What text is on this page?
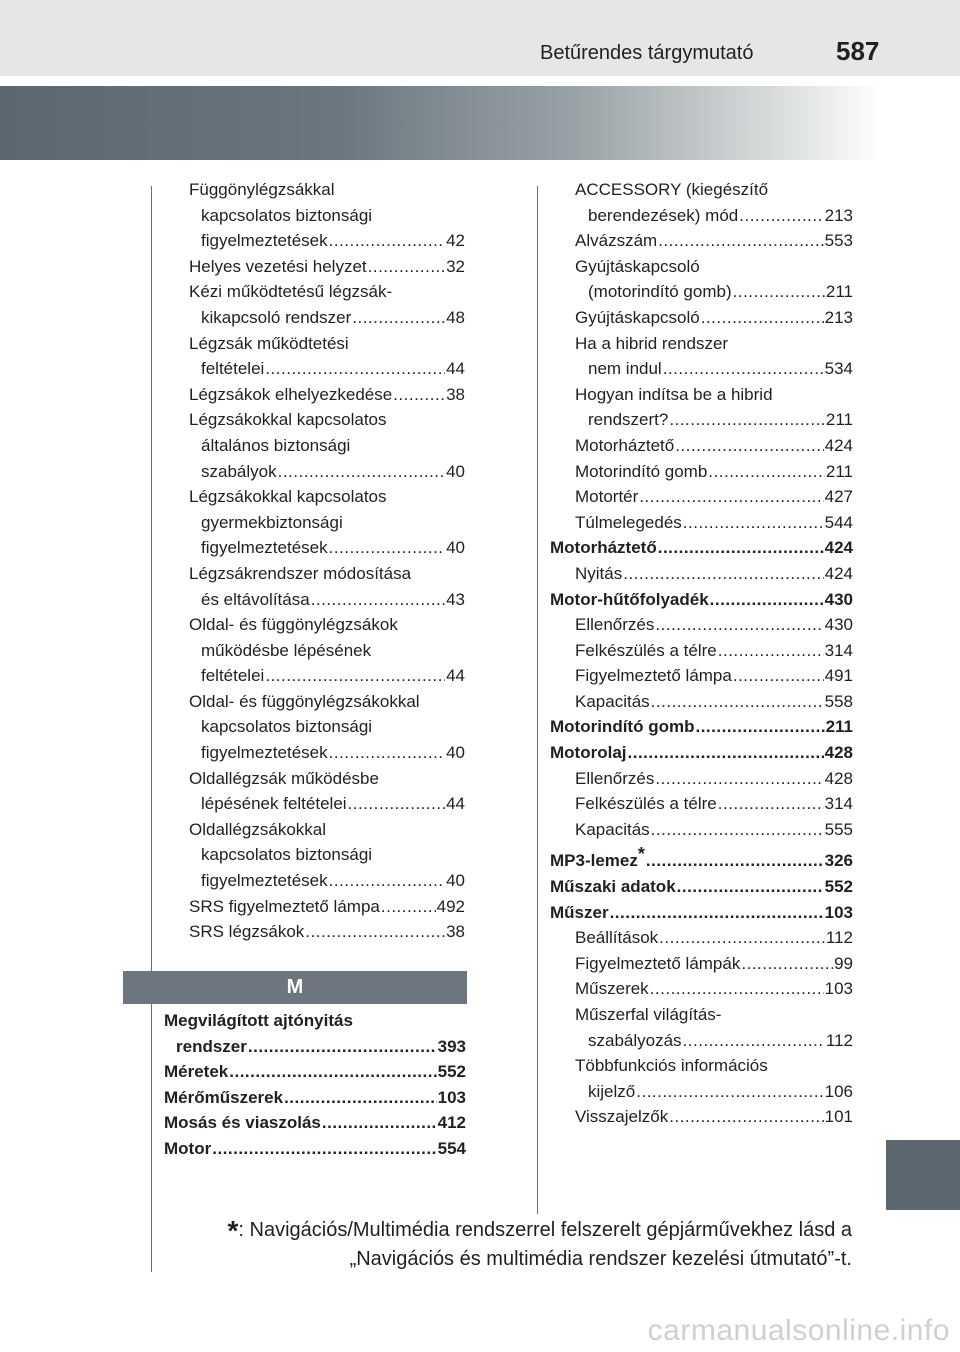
Betűrendes tárgymutató	587
Függönylégzsákkal
kapcsolatos biztonsági
figyelmeztetések .....	42
Helyes vezetési helyzet .....	32
Kézi működtetésű légzsák-
kikapcsoló rendszer .....	48
Légzsák működtetési
feltételei .....	44
Légzsákok elhelyezkedése .....	38
Légzsákokkal kapcsolatos
általános biztonsági
szabályok .....	40
Légzsákokkal kapcsolatos
gyermekbiztonsági
figyelmeztetések .....	40
Légzsákrendszer módosítása
és eltávolítása .....	43
Oldal- és függönylégzsákok
működésbe lépésének
feltételei .....	44
Oldal- és függönylégzsákokkal
kapcsolatos biztonsági
figyelmeztetések .....	40
Oldallégzsák működésbe
lépésének feltételei .....	44
Oldallégzsákokkal
kapcsolatos biztonsági
figyelmeztetések .....	40
SRS figyelmeztető lámpa .....	492
SRS légzsákok .....	38
M
Megvilágított ajtónyitás
rendszer .....	393
Méretek .....	552
Mérőműszerek .....	103
Mosás és viaszolás .....	412
Motor .....	554
ACCESSORY (kiegészítő
berendezések) mód .....	213
Alvázszám .....	553
Gyújtáskapcsoló
(motorindító gomb) .....	211
Gyújtáskapcsoló .....	213
Ha a hibrid rendszer
nem indul .....	534
Hogyan indítsa be a hibrid
rendszert? .....	211
Motorháztető .....	424
Motorindító gomb .....	211
Motortér .....	427
Túlmelegedés .....	544
Motorháztető .....	424
Nyitás .....	424
Motor-hűtőfolyadék .....	430
Ellenőrzés .....	430
Felkészülés a télre .....	314
Figyelmeztető lámpa .....	491
Kapacitás .....	558
Motorindító gomb .....	211
Motorolaj .....	428
Ellenőrzés .....	428
Felkészülés a télre .....	314
Kapacitás .....	555
MP3-lemez* .....	326
Műszaki adatok .....	552
Műszer .....	103
Beállítások .....	112
Figyelmeztető lámpák .....	99
Műszerek .....	103
Műszerfal világítás-
szabályozás .....	112
Többfunkciós információs
kijelző .....	106
Visszajelzők .....	101
*: Navigációs/Multimédia rendszerrel felszerelt gépjárművekhez lásd a
„Navigációs és multimédia rendszer kezelési útmutató”-t.
carmanualsonline.info
